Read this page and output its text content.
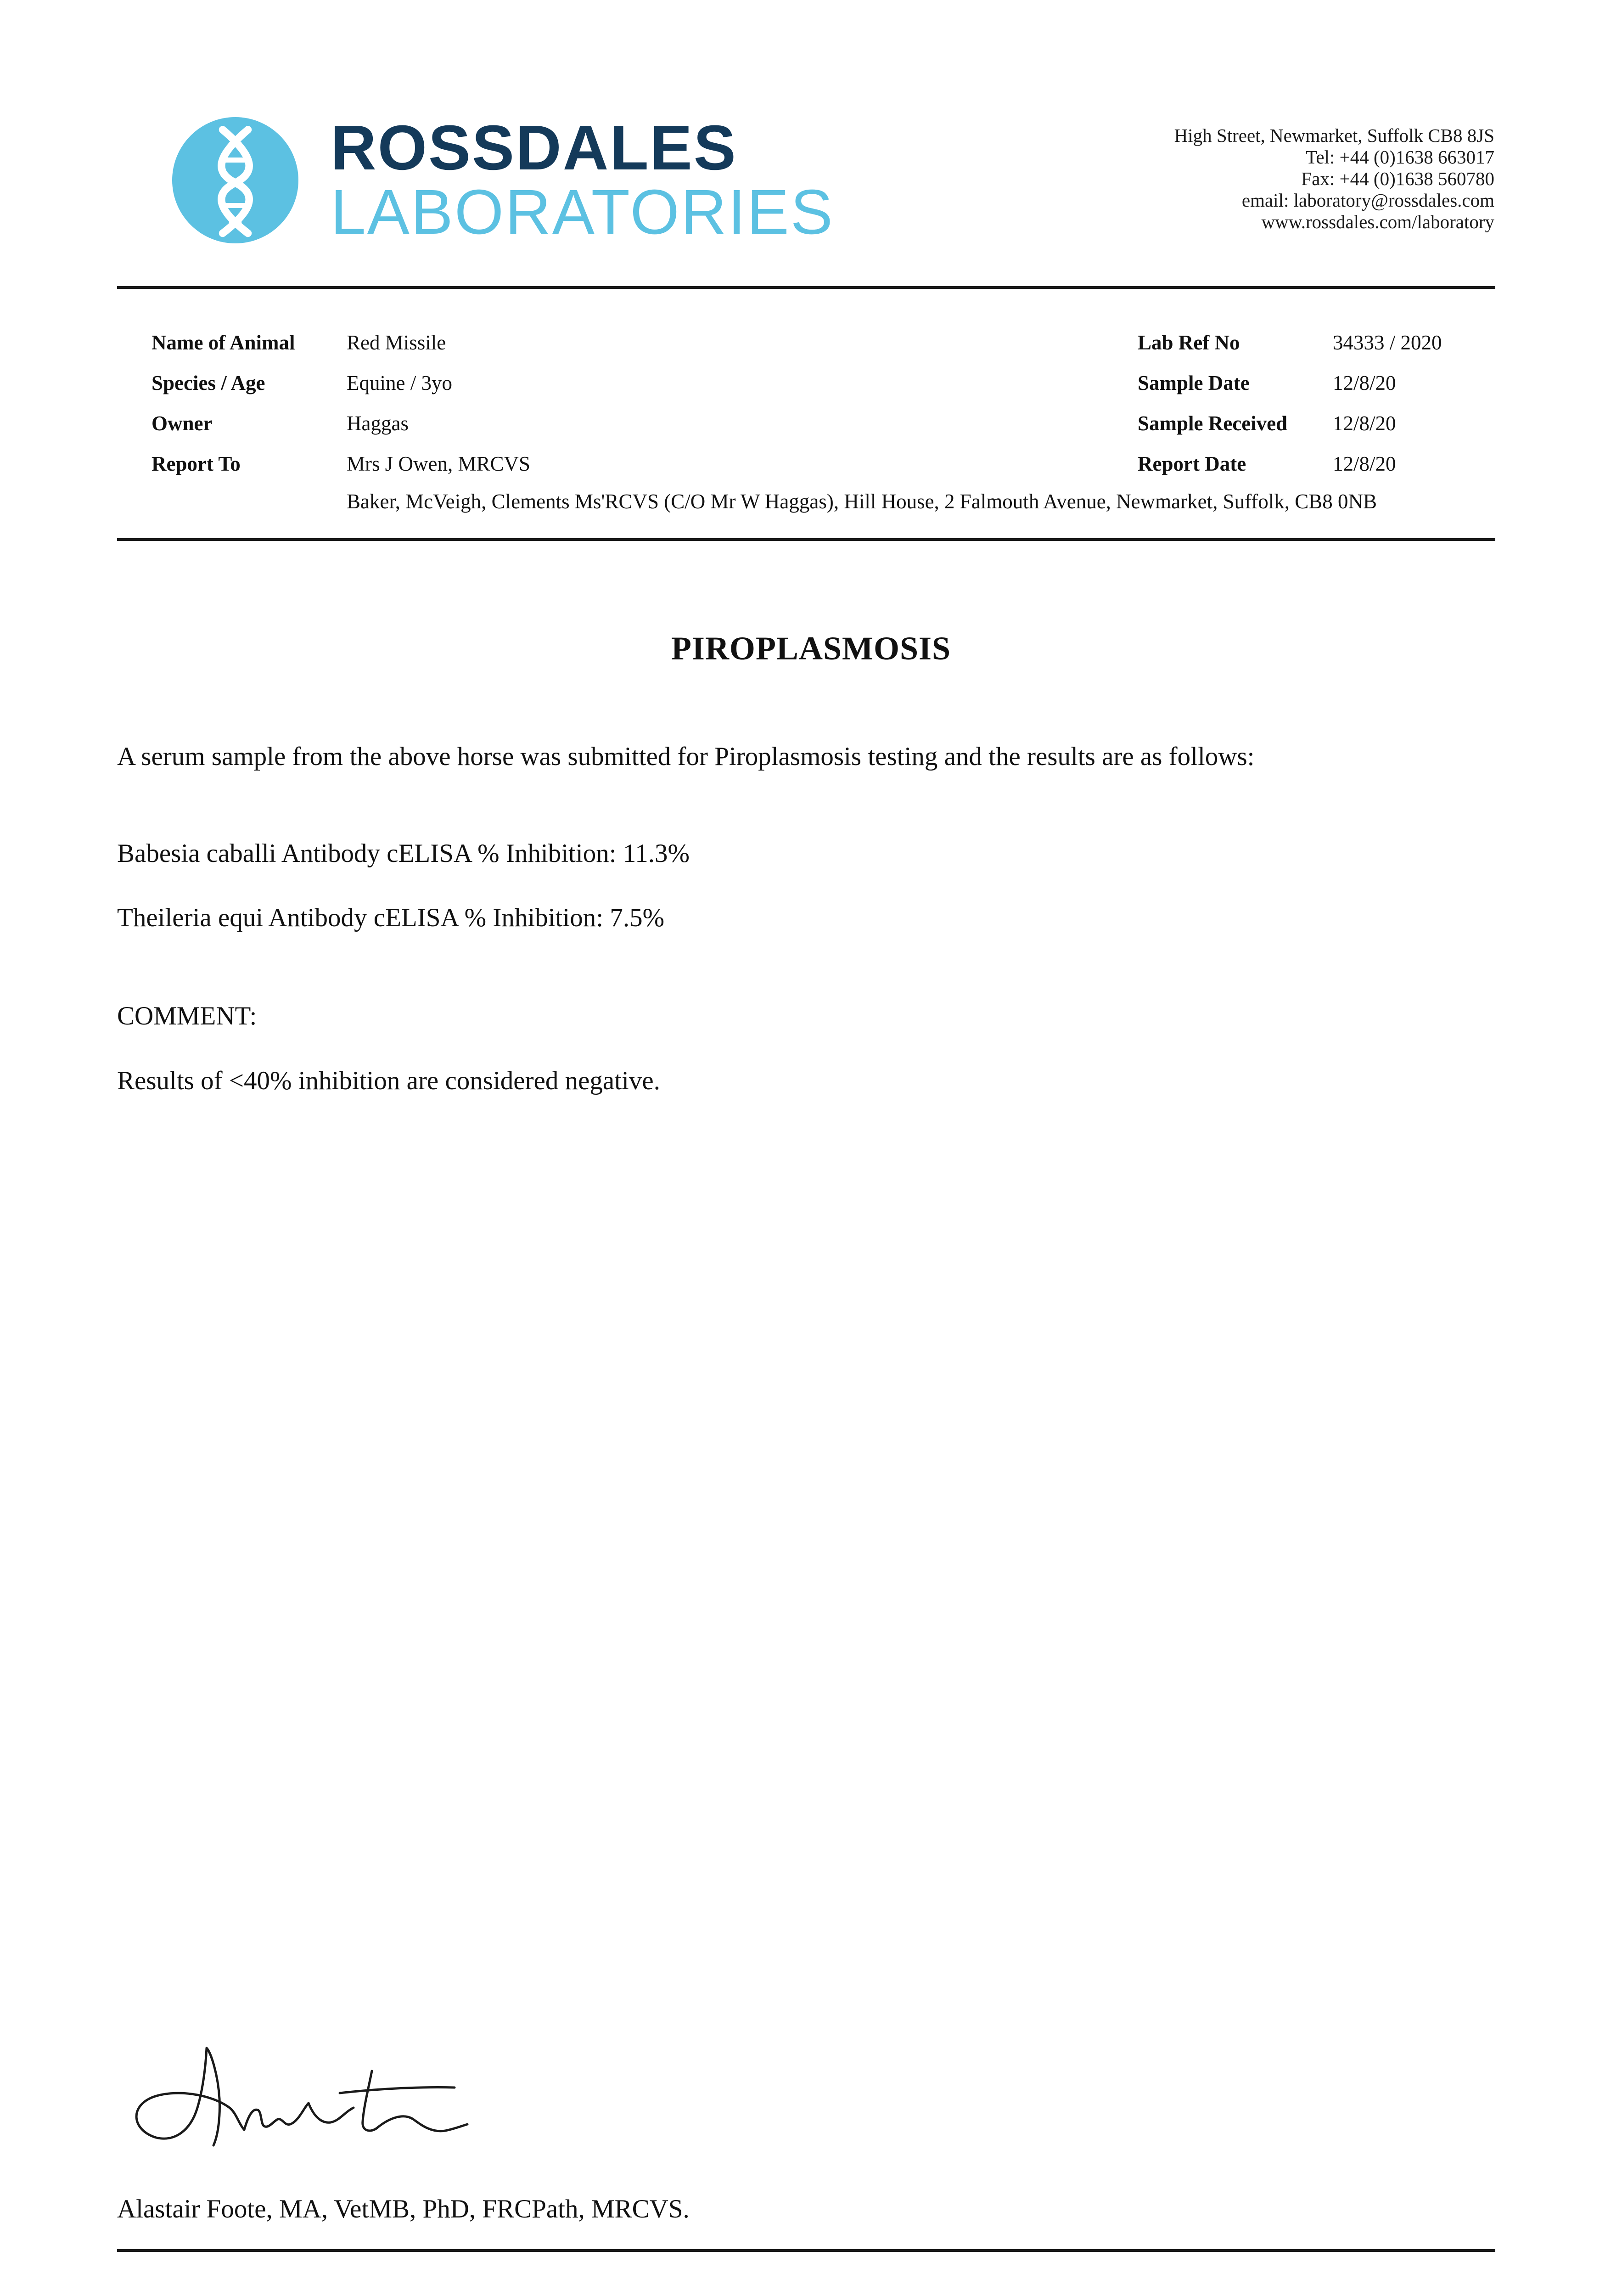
ROSSDALES
LABORATORIES
High Street, Newmarket, Suffolk CB8 8JS
Tel: +44 (0)1638 663017
Fax: +44 (0)1638 560780
email: laboratory@rossdales.com
www.rossdales.com/laboratory
Name of Animal	Red Missile
Species / Age	Equine / 3yo
Owner	Haggas
Report To	Mrs J Owen, MRCVS
Baker, McVeigh, Clements Ms'RCVS (C/O Mr W Haggas), Hill House, 2 Falmouth Avenue, Newmarket, Suffolk, CB8 0NB
Lab Ref No	34333 / 2020
Sample Date	12/8/20
Sample Received 12/8/20
Report Date	12/8/20
PIROPLASMOSIS
A serum sample from the above horse was submitted for Piroplasmosis testing and the results are as follows:
Babesia caballi Antibody cELISA % Inhibition: 11.3%
Theileria equi Antibody cELISA % Inhibition: 7.5%
COMMENT:
Results of <40% inhibition are considered negative.
Alastair Foote, MA, VetMB, PhD, FRCPath, MRCVS.
